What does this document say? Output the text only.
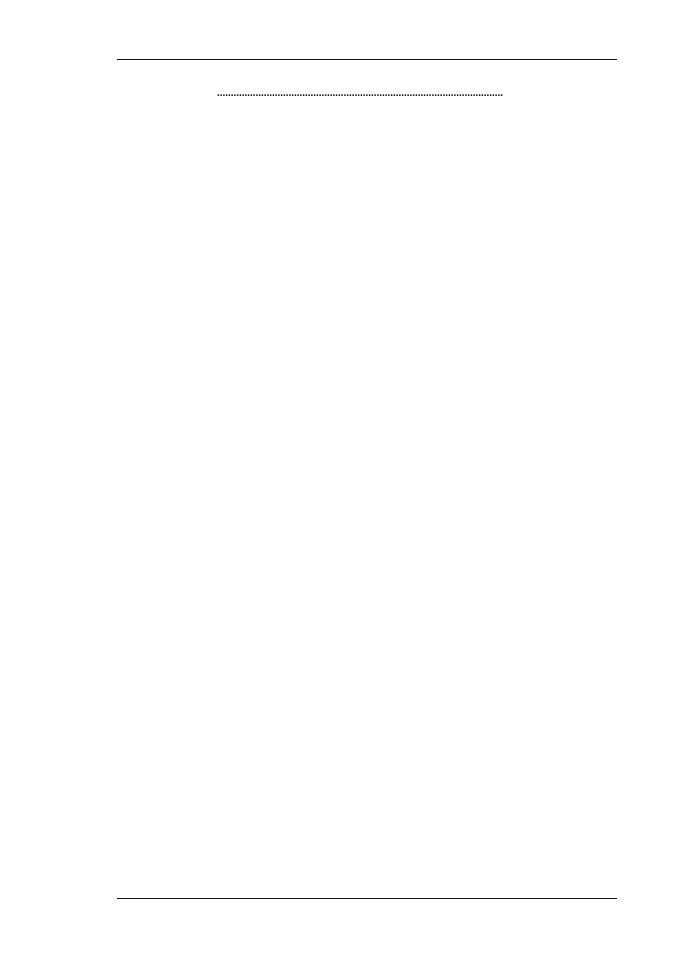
........................................................................................................
